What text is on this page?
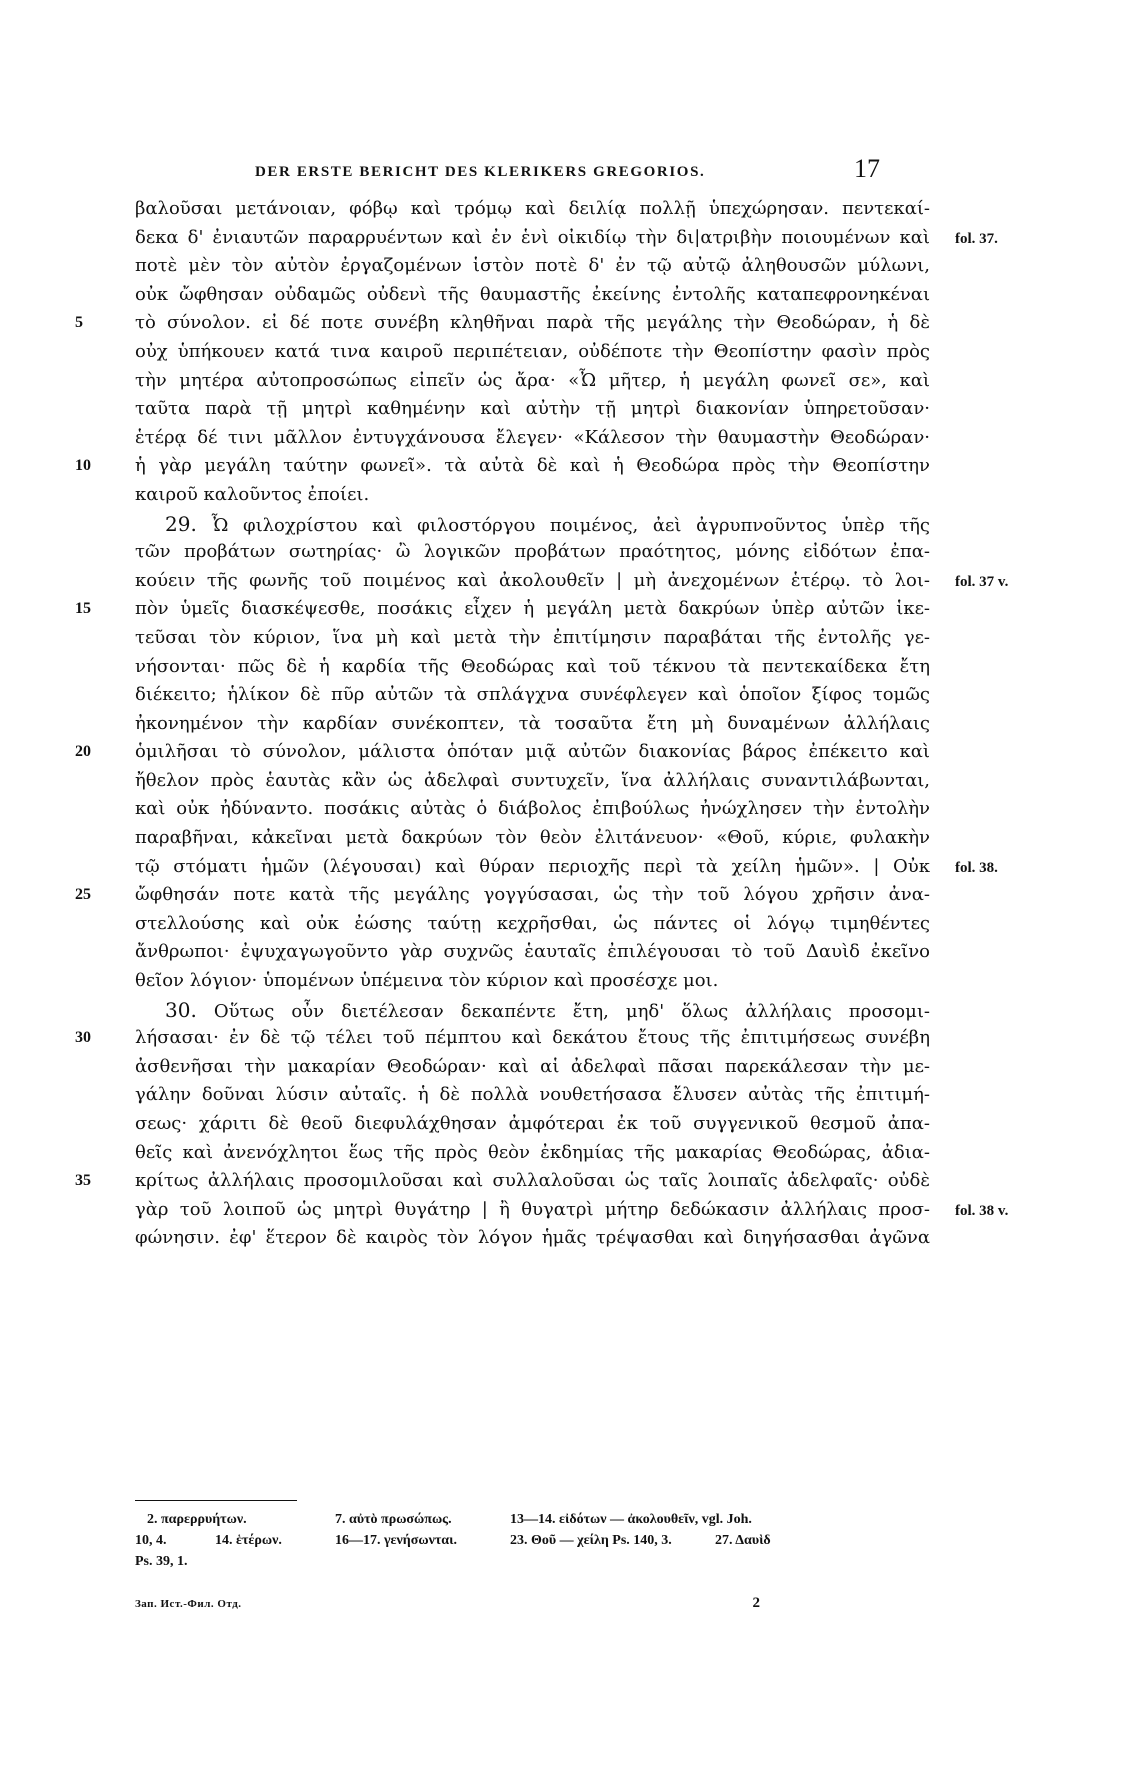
DER ERSTE BERICHT DES KLERIKERS GREGORIOS.	17
βαλοῦσαι μετάνοιαν, φόβῳ καὶ τρόμῳ καὶ δειλίᾳ πολλῇ ὑπεχώρησαν. πεντεκαί-
δεκα δ' ἐνιαυτῶν παραρρυέντων καὶ ἐν ἑνὶ οἰκιδίῳ τὴν δι|ατριβὴν ποιουμένων καὶ fol. 37.
ποτὲ μὲν τὸν αὐτὸν ἐργαζομένων ἱστὸν ποτὲ δ' ἐν τῷ αὐτῷ ἀληθουσῶν μύλωνι,
οὐκ ὤφθησαν οὐδαμῶς οὐδενὶ τῆς θαυμαστῆς ἐκείνης ἐντολῆς καταπεφρονηκέναι
5	τὸ σύνολον. εἰ δέ ποτε συνέβη κληθῆναι παρὰ τῆς μεγάλης τὴν Θεοδώραν, ἡ δὲ
οὐχ ὑπήκουεν κατά τινα καιροῦ περιπέτειαν, οὐδέποτε τὴν Θεοπίστην φασὶν πρὸς
τὴν μητέρα αὐτοπροσώπως εἰπεῖν ὡς ἄρα· «Ὦ μῆτερ, ἡ μεγάλη φωνεῖ σε», καὶ
ταῦτα παρὰ τῇ μητρὶ καθημένην καὶ αὐτὴν τῇ μητρὶ διακονίαν ὑπηρετοῦσαν·
ἑτέρᾳ δέ τινι μᾶλλον ἐντυγχάνουσα ἔλεγεν· «Κάλεσον τὴν θαυμαστὴν Θεοδώραν·
10	ἡ γὰρ μεγάλη ταύτην φωνεῖ». τὰ αὐτὰ δὲ καὶ ἡ Θεοδώρα πρὸς τὴν Θεοπίστην
καιροῦ καλοῦντος ἐποίει.
29. Ὦ φιλοχρίστου καὶ φιλοστόργου ποιμένος, ἀεὶ ἀγρυπνοῦντος ὑπὲρ τῆς
τῶν προβάτων σωτηρίας· ὢ λογικῶν προβάτων πραότητος, μόνης εἰδότων ἐπα-
κούειν τῆς φωνῆς τοῦ ποιμένος καὶ ἀκολουθεῖν | μὴ ἀνεχομένων ἑτέρῳ. τὸ λοι- fol. 37 v.
15	πὸν ὑμεῖς διασκέψεσθε, ποσάκις εἶχεν ἡ μεγάλη μετὰ δακρύων ὑπὲρ αὐτῶν ἱκε-
τεῦσαι τὸν κύριον, ἵνα μὴ καὶ μετὰ τὴν ἐπιτίμησιν παραβάται τῆς ἐντολῆς γε-
νήσονται· πῶς δὲ ἡ καρδία τῆς Θεοδώρας καὶ τοῦ τέκνου τὰ πεντεκαίδεκα ἔτη
διέκειτο; ἡλίκον δὲ πῦρ αὐτῶν τὰ σπλάγχνα συνέφλεγεν καὶ ὁποῖον ξίφος τομῶς
ἠκονημένον τὴν καρδίαν συνέκοπτεν, τὰ τοσαῦτα ἔτη μὴ δυναμένων ἀλλήλαις
20	ὁμιλῆσαι τὸ σύνολον, μάλιστα ὁπόταν μιᾷ αὐτῶν διακονίας βάρος ἐπέκειτο καὶ
ἤθελον πρὸς ἑαυτὰς κἂν ὡς ἀδελφαὶ συντυχεῖν, ἵνα ἀλλήλαις συναντιλάβωνται,
καὶ οὐκ ἠδύναντο. ποσάκις αὐτὰς ὁ διάβολος ἐπιβούλως ἠνώχλησεν τὴν ἐντολὴν
παραβῆναι, κἀκεῖναι μετὰ δακρύων τὸν θεὸν ἐλιτάνευον· «Θοῦ, κύριε, φυλακὴν
τῷ στόματι ἡμῶν (λέγουσαι) καὶ θύραν περιοχῆς περὶ τὰ χείλη ἡμῶν». | Οὐκ fol. 38.
25	ὤφθησάν ποτε κατὰ τῆς μεγάλης γογγύσασαι, ὡς τὴν τοῦ λόγου χρῆσιν ἀνα-
στελλούσης καὶ οὐκ ἐώσης ταύτῃ κεχρῆσθαι, ὡς πάντες οἱ λόγῳ τιμηθέντες
ἄνθρωποι· ἐψυχαγωγοῦντο γὰρ συχνῶς ἑαυταῖς ἐπιλέγουσαι τὸ τοῦ Δαυὶδ ἐκεῖνο
θεῖον λόγιον· ὑπομένων ὑπέμεινα τὸν κύριον καὶ προσέσχε μοι.
30. Οὕτως οὖν διετέλεσαν δεκαπέντε ἔτη, μηδ' ὅλως ἀλλήλαις προσομι-
30	λήσασαι· ἐν δὲ τῷ τέλει τοῦ πέμπτου καὶ δεκάτου ἔτους τῆς ἐπιτιμήσεως συνέβη
ἀσθενῆσαι τὴν μακαρίαν Θεοδώραν· καὶ αἱ ἀδελφαὶ πᾶσαι παρεκάλεσαν τὴν με-
γάλην δοῦναι λύσιν αὐταῖς. ἡ δὲ πολλὰ νουθετήσασα ἔλυσεν αὐτὰς τῆς ἐπιτιμή-
σεως· χάριτι δὲ θεοῦ διεφυλάχθησαν ἀμφότεραι ἐκ τοῦ συγγενικοῦ θεσμοῦ ἀπα-
θεῖς καὶ ἀνενόχλητοι ἕως τῆς πρὸς θεὸν ἐκδημίας τῆς μακαρίας Θεοδώρας, ἀδια-
35	κρίτως ἀλλήλαις προσομιλοῦσαι καὶ συλλαλοῦσαι ὡς ταῖς λοιπαῖς ἀδελφαῖς· οὐδὲ
γὰρ τοῦ λοιποῦ ὡς μητρὶ θυγάτηρ | ἢ θυγατρὶ μήτηρ δεδώκασιν ἀλλήλαις προσ- fol. 38 v.
φώνησιν. ἐφ' ἕτερον δὲ καιρὸς τὸν λόγον ἡμᾶς τρέψασθαι καὶ διηγήσασθαι ἀγῶνα
2. παρερρυήτων.	7. αὐτὸ πρωσώπως.	13—14. εἰδότων — ἀκολουθεῖν, vgl. Joh.
10, 4.	14. ἑτέρων.	16—17. γενήσωνται.	23. Θοῦ — χείλη Ps. 140, 3.	27. Δαυὶδ
Ps. 39, 1.
Зап. Ист.-Фил. Отд.	2
